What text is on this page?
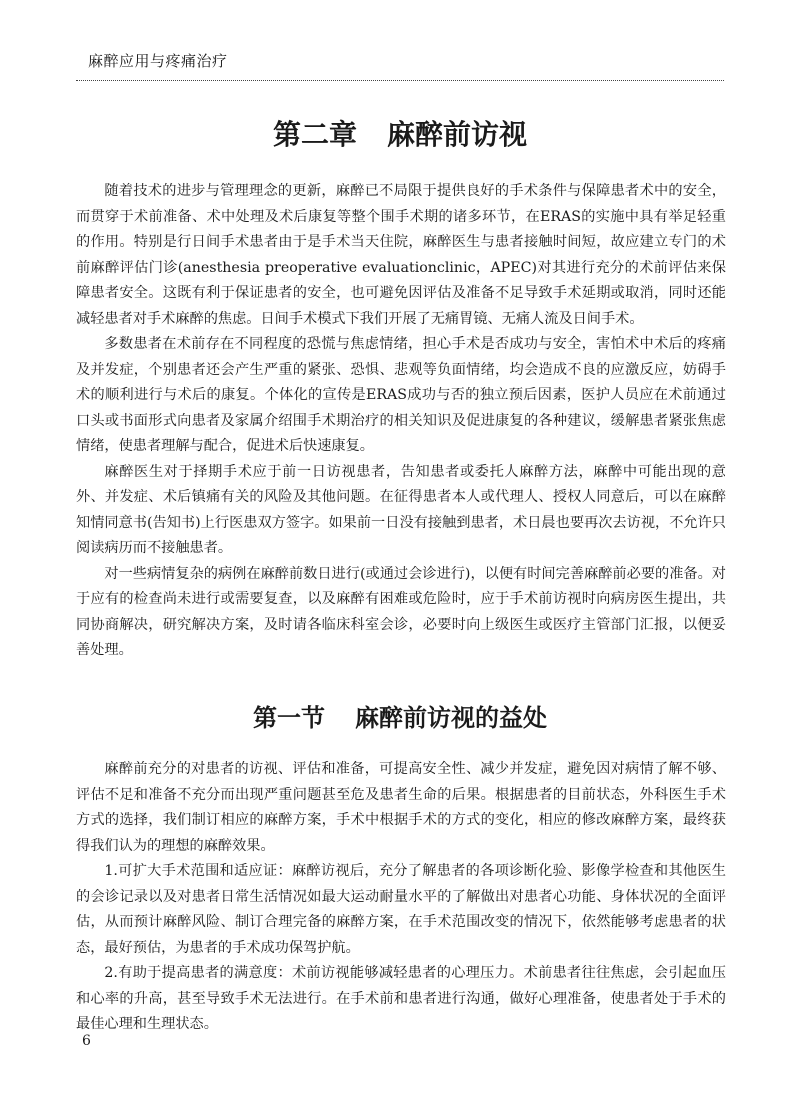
麻醉应用与疼痛治疗
第二章 麻醉前访视

随着技术的进步与管理理念的更新，麻醉已不局限于提供良好的手术条件与保障患者术中的安全，而贯穿于术前准备、术中处理及术后康复等整个围手术期的诸多环节，在ERAS的实施中具有举足轻重的作用。特别是行日间手术患者由于是手术当天住院，麻醉医生与患者接触时间短，故应建立专门的术前麻醉评估门诊(anesthesia preoperative evaluationclinic，APEC)对其进行充分的术前评估来保障患者安全。这既有利于保证患者的安全，也可避免因评估及准备不足导致手术延期或取消，同时还能减轻患者对手术麻醉的焦虑。日间手术模式下我们开展了无痛胃镜、无痛人流及日间手术。

多数患者在术前存在不同程度的恐慌与焦虑情绪，担心手术是否成功与安全，害怕术中术后的疼痛及并发症，个别患者还会产生严重的紧张、恐惧、悲观等负面情绪，均会造成不良的应激反应，妨碍手术的顺利进行与术后的康复。个体化的宣传是ERAS成功与否的独立预后因素，医护人员应在术前通过口头或书面形式向患者及家属介绍围手术期治疗的相关知识及促进康复的各种建议，缓解患者紧张焦虑情绪，使患者理解与配合，促进术后快速康复。

麻醉医生对于择期手术应于前一日访视患者，告知患者或委托人麻醉方法，麻醉中可能出现的意外、并发症、术后镇痛有关的风险及其他问题。在征得患者本人或代理人、授权人同意后，可以在麻醉知情同意书(告知书)上行医患双方签字。如果前一日没有接触到患者，术日晨也要再次去访视，不允许只阅读病历而不接触患者。

对一些病情复杂的病例在麻醉前数日进行(或通过会诊进行)，以便有时间完善麻醉前必要的准备。对于应有的检查尚未进行或需要复查，以及麻醉有困难或危险时，应于手术前访视时向病房医生提出，共同协商解决，研究解决方案，及时请各临床科室会诊，必要时向上级医生或医疗主管部门汇报，以便妥善处理。

第一节 麻醉前访视的益处

麻醉前充分的对患者的访视、评估和准备，可提高安全性、减少并发症，避免因对病情了解不够、评估不足和准备不充分而出现严重问题甚至危及患者生命的后果。根据患者的目前状态，外科医生手术方式的选择，我们制订相应的麻醉方案，手术中根据手术的方式的变化，相应的修改麻醉方案，最终获得我们认为的理想的麻醉效果。

1.可扩大手术范围和适应证：麻醉访视后，充分了解患者的各项诊断化验、影像学检查和其他医生的会诊记录以及对患者日常生活情况如最大运动耐量水平的了解做出对患者心功能、身体状况的全面评估，从而预计麻醉风险、制订合理完备的麻醉方案，在手术范围改变的情况下，依然能够考虑患者的状态，最好预估，为患者的手术成功保驾护航。

2.有助于提高患者的满意度：术前访视能够减轻患者的心理压力。术前患者往往焦虑，会引起血压和心率的升高，甚至导致手术无法进行。在手术前和患者进行沟通，做好心理准备，使患者处于手术的最佳心理和生理状态。

6
